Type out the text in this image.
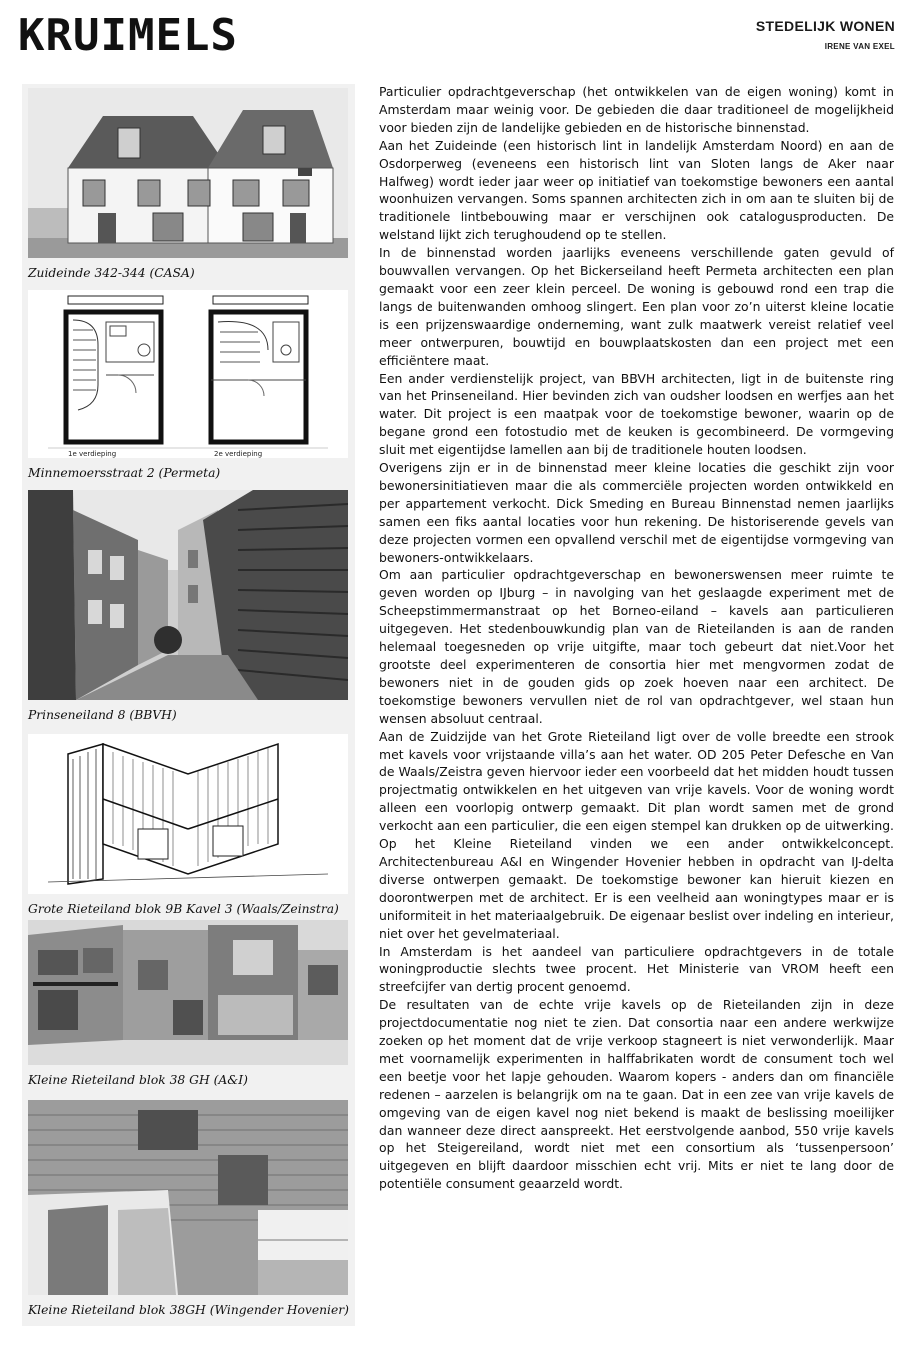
KRUIMELS	STEDELIJK WONEN
IRENE VAN EXEL
Zuideinde 342-344 (CASA)
1e verdieping	2e verdieping
Minnemoersstraat 2 (Permeta)
Prinseneiland 8 (BBVH)
Grote Rieteiland blok 9B Kavel 3 (Waals/Zeinstra)
Kleine Rieteiland blok 38 GH (A&I)
Kleine Rieteiland blok 38GH (Wingender Hovenier)

Particulier opdrachtgeverschap (het ontwikkelen van de eigen woning) komt in Amsterdam maar weinig voor. De gebieden die daar traditioneel de mogelijkheid voor bieden zijn de landelijke gebieden en de historische binnenstad.

Aan het Zuideinde (een historisch lint in landelijk Amsterdam Noord) en aan de Osdorperweg (eveneens een historisch lint van Sloten langs de Aker naar Halfweg) wordt ieder jaar weer op initiatief van toekomstige bewoners een aantal woonhuizen vervangen. Soms spannen architecten zich in om aan te sluiten bij de traditionele lintbebouwing maar er verschijnen ook catalogusproducten. De welstand lijkt zich terughoudend op te stellen.

In de binnenstad worden jaarlijks eveneens verschillende gaten gevuld of bouwvallen vervangen. Op het Bickerseiland heeft Permeta architecten een plan gemaakt voor een zeer klein perceel. De woning is gebouwd rond een trap die langs de buitenwanden omhoog slingert. Een plan voor zo’n uiterst kleine locatie is een prijzenswaardige onderneming, want zulk maatwerk vereist relatief veel meer ontwerpuren, bouwtijd en bouwplaatskosten dan een project met een efficiëntere maat.

Een ander verdienstelijk project, van BBVH architecten, ligt in de buitenste ring van het Prinseneiland. Hier bevinden zich van oudsher loodsen en werfjes aan het water. Dit project is een maatpak voor de toekomstige bewoner, waarin op de begane grond een fotostudio met de keuken is gecombineerd. De vormgeving sluit met eigentijdse lamellen aan bij de traditionele houten loodsen.

Overigens zijn er in de binnenstad meer kleine locaties die geschikt zijn voor bewonersinitiatieven maar die als commerciële projecten worden ontwikkeld en per appartement verkocht. Dick Smeding en Bureau Binnenstad nemen jaarlijks samen een fiks aantal locaties voor hun rekening. De historiserende gevels van deze projecten vormen een opvallend verschil met de eigentijdse vormgeving van bewoners-ontwikkelaars.

Om aan particulier opdrachtgeverschap en bewonerswensen meer ruimte te geven worden op IJburg – in navolging van het geslaagde experiment met de Scheepstimmermanstraat op het Borneo-eiland – kavels aan particulieren uitgegeven. Het stedenbouwkundig plan van de Rieteilanden is aan de randen helemaal toegesneden op vrije uitgifte, maar toch gebeurt dat niet.Voor het grootste deel experimenteren de consortia hier met mengvormen zodat de bewoners niet in de gouden gids op zoek hoeven naar een architect. De toekomstige bewoners vervullen niet de rol van opdrachtgever, wel staan hun wensen absoluut centraal.

Aan de Zuidzijde van het Grote Rieteiland ligt over de volle breedte een strook met kavels voor vrijstaande villa’s aan het water. OD 205 Peter Defesche en Van de Waals/Zeistra geven hiervoor ieder een voorbeeld dat het midden houdt tussen projectmatig ontwikkelen en het uitgeven van vrije kavels. Voor de woning wordt alleen een voorlopig ontwerp gemaakt. Dit plan wordt samen met de grond verkocht aan een particulier, die een eigen stempel kan drukken op de uitwerking. Op het Kleine Rieteiland vinden we een ander ontwikkelconcept. Architectenbureau A&I en Wingender Hovenier hebben in opdracht van IJ-delta diverse ontwerpen gemaakt. De toekomstige bewoner kan hieruit kiezen en doorontwerpen met de architect. Er is een veelheid aan woningtypes maar er is uniformiteit in het materiaalgebruik. De eigenaar beslist over indeling en interieur, niet over het gevelmateriaal.

In Amsterdam is het aandeel van particuliere opdrachtgevers in de totale woningproductie slechts twee procent. Het Ministerie van VROM heeft een streefcijfer van dertig procent genoemd.

De resultaten van de echte vrije kavels op de Rieteilanden zijn in deze projectdocumentatie nog niet te zien. Dat consortia naar een andere werkwijze zoeken op het moment dat de vrije verkoop stagneert is niet verwonderlijk. Maar met voornamelijk experimenten in halffabrikaten wordt de consument toch wel een beetje voor het lapje gehouden. Waarom kopers - anders dan om financiële redenen – aarzelen is belangrijk om na te gaan. Dat in een zee van vrije kavels de omgeving van de eigen kavel nog niet bekend is maakt de beslissing moeilijker dan wanneer deze direct aanspreekt. Het eerstvolgende aanbod, 550 vrije kavels op het Steigereiland, wordt niet met een consortium als ‘tussenpersoon’ uitgegeven en blijft daardoor misschien echt vrij. Mits er niet te lang door de potentiële consument geaarzeld wordt.
